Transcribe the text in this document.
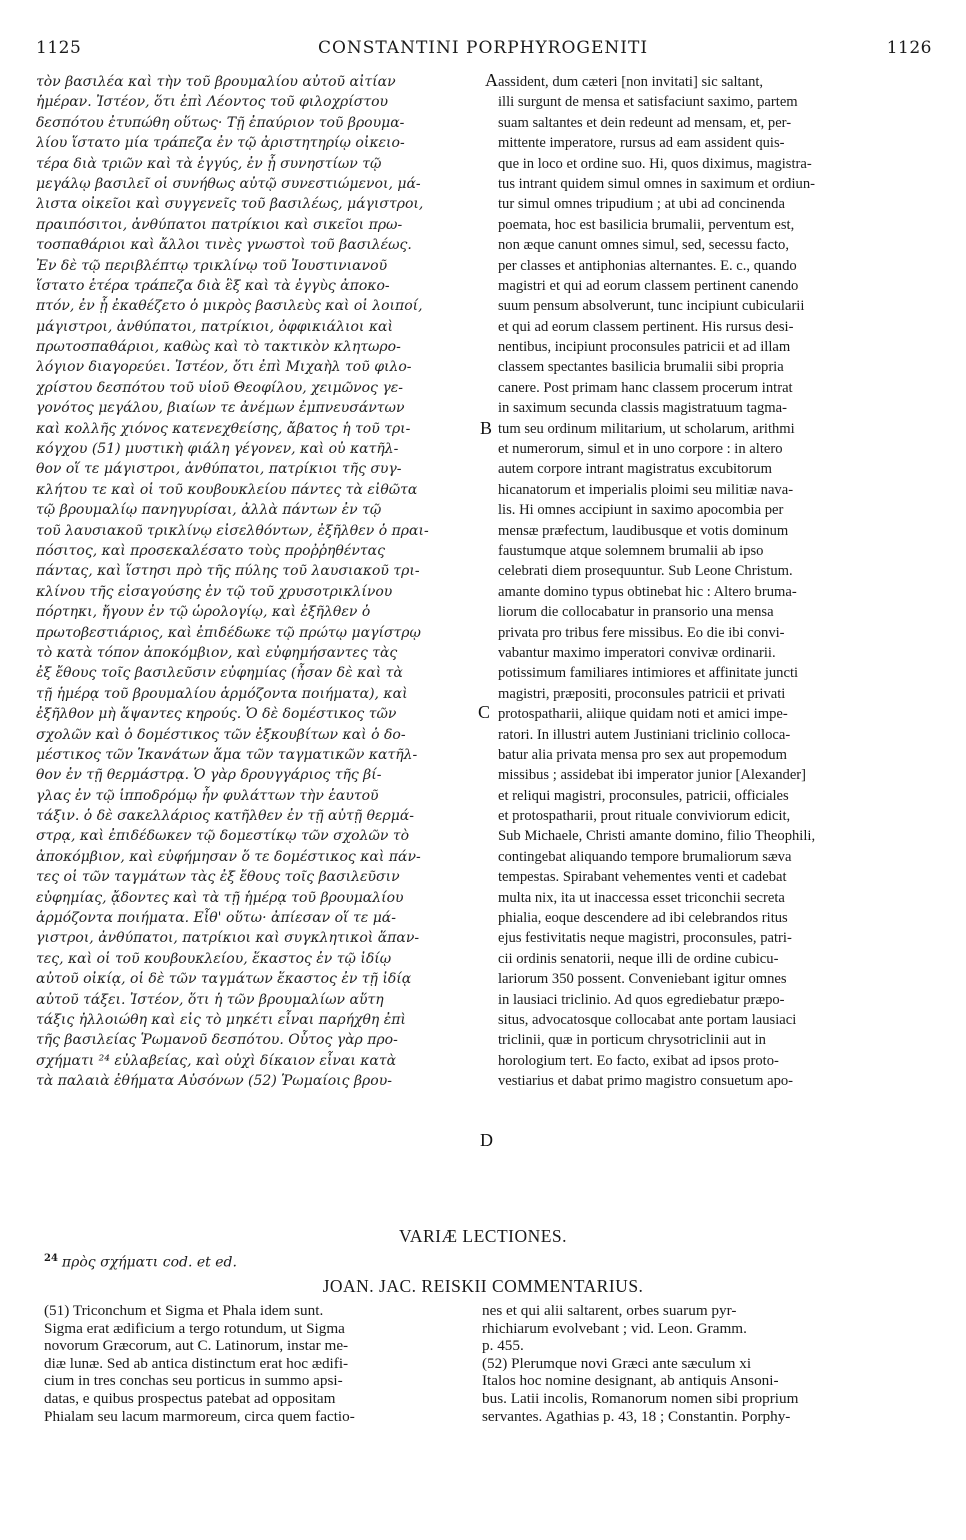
1125	CONSTANTINI PORPHYROGENITI	1126
τὸν βασιλέα καὶ τὴν τοῦ βρουμαλίου αὐτοῦ αἰτίαν
ἡμέραν. Ἰστέον, ὅτι ἐπὶ Λέοντος τοῦ φιλοχρίστου
δεσπότου ἐτυπώθη οὕτως· Τῇ ἐπαύριον τοῦ βρουμα-
λίου ἵστατο μία τράπεζα ἐν τῷ ἀριστητηρίῳ οἰκειο-
τέρα διὰ τριῶν καὶ τὰ ἐγγύς, ἐν ᾗ συνηστίων τῷ
μεγάλῳ βασιλεῖ οἱ συνήθως αὐτῷ συνεστιώμενοι, μά-
λιστα οἰκεῖοι καὶ συγγενεῖς τοῦ βασιλέως, μάγιστροι,
πραιπόσιτοι, ἀνθύπατοι πατρίκιοι καὶ σικεῖοι πρω-
τοσπαθάριοι καὶ ἄλλοι τινὲς γνωστοὶ τοῦ βασιλέως.
Ἐν δὲ τῷ περιβλέπτῳ τρικλίνῳ τοῦ Ἰουστινιανοῦ
ἵστατο ἑτέρα τράπεζα διὰ ἓξ καὶ τὰ ἐγγὺς ἀποκο-
πτόν, ἐν ᾗ ἐκαθέζετο ὁ μικρὸς βασιλεὺς καὶ οἱ λοιποί,
μάγιστροι, ἀνθύπατοι, πατρίκιοι, ὀφφικιάλιοι καὶ
πρωτοσπαθάριοι, καθὼς καὶ τὸ τακτικὸν κλητωρο-
λόγιον διαγορεύει. Ἰστέον, ὅτι ἐπὶ Μιχαὴλ τοῦ φιλο-
χρίστου δεσπότου τοῦ υἱοῦ Θεοφίλου, χειμῶνος γε-
γονότος μεγάλου, βιαίων τε ἀνέμων ἐμπνευσάντων
καὶ κολλῆς χιόνος κατενεχθείσης, ἄβατος ἡ τοῦ τρι-
κόγχου (51) μυστικὴ φιάλη γέγονεν, καὶ οὐ κατῆλ-
θον οἵ τε μάγιστροι, ἀνθύπατοι, πατρίκιοι τῆς συγ-
κλήτου τε καὶ οἱ τοῦ κουβουκλείου πάντες τὰ εἰθῶτα
τῷ βρουμαλίῳ πανηγυρίσαι, ἀλλὰ πάντων ἐν τῷ
τοῦ λαυσιακοῦ τρικλίνῳ εἰσελθόντων, ἐξῆλθεν ὁ πραι-
πόσιτος, καὶ προσεκαλέσατο τοὺς προῤῥηθέντας
πάντας, καὶ ἵστησι πρὸ τῆς πύλης τοῦ λαυσιακοῦ τρι-
κλίνου τῆς εἰσαγούσης ἐν τῷ τοῦ χρυσοτρικλίνου
πόρτηκι, ἤγουν ἐν τῷ ὡρολογίῳ, καὶ ἐξῆλθεν ὁ
πρωτοβεστιάριος, καὶ ἐπιδέδωκε τῷ πρώτῳ μαγίστρῳ
τὸ κατὰ τόπον ἀποκόμβιον, καὶ εὐφημήσαντες τὰς
ἐξ ἔθους τοῖς βασιλεῦσιν εὐφημίας (ἦσαν δὲ καὶ τὰ
τῇ ἡμέρᾳ τοῦ βρουμαλίου ἁρμόζοντα ποιήματα), καὶ
ἐξῆλθον μὴ ἅψαντες κηρούς. Ὁ δὲ δομέστικος τῶν
σχολῶν καὶ ὁ δομέστικος τῶν ἐξκουβίτων καὶ ὁ δο-
μέστικος τῶν Ἱκανάτων ἅμα τῶν ταγματικῶν κατῆλ-
θον ἐν τῇ θερμάστρᾳ. Ὁ γὰρ δρουγγάριος τῆς βί-
γλας ἐν τῷ ἱπποδρόμῳ ἦν φυλάττων τὴν ἑαυτοῦ
τάξιν. ὁ δὲ σακελλάριος κατῆλθεν ἐν τῇ αὐτῇ θερμά-
στρᾳ, καὶ ἐπιδέδωκεν τῷ δομεστίκῳ τῶν σχολῶν τὸ
ἀποκόμβιον, καὶ εὐφήμησαν ὅ τε δομέστικος καὶ πάν-
τες οἱ τῶν ταγμάτων τὰς ἐξ ἔθους τοῖς βασιλεῦσιν
εὐφημίας, ᾄδοντες καὶ τὰ τῇ ἡμέρᾳ τοῦ βρουμαλίου
ἁρμόζοντα ποιήματα. Εἶθ' οὕτω· ἀπίεσαν οἵ τε μά-
γιστροι, ἀνθύπατοι, πατρίκιοι καὶ συγκλητικοὶ ἅπαν-
τες, καὶ οἱ τοῦ κουβουκλείου, ἕκαστος ἐν τῷ ἰδίῳ
αὐτοῦ οἰκίᾳ, οἱ δὲ τῶν ταγμάτων ἕκαστος ἐν τῇ ἰδίᾳ
αὐτοῦ τάξει. Ἰστέον, ὅτι ἡ τῶν βρουμαλίων αὕτη
τάξις ἠλλοιώθη καὶ εἰς τὸ μηκέτι εἶναι παρήχθη ἐπὶ
τῆς βασιλείας Ῥωμανοῦ δεσπότου. Οὗτος γὰρ προ-
σχήματι ²⁴ εὐλαβείας, καὶ οὐχὶ δίκαιον εἶναι κατὰ
τὰ παλαιὰ ἐθήματα Αὐσόνων (52) Ῥωμαίοις βρου-
assident, dum cæteri [non invitati] sic saltant,
illi surgunt de mensa et satisfaciunt saximo, partem
suam saltantes et dein redeunt ad mensam, et, per-
mittente imperatore, rursus ad eam assident quis-
que in loco et ordine suo. Hi, quos diximus, magistra-
tus intrant quidem simul omnes in saximum et ordiun-
tur simul omnes tripudium ; at ubi ad concinenda
poemata, hoc est basilicia brumalii, perventum est,
non æque canunt omnes simul, sed, secessu facto,
per classes et antiphonias alternantes. E. c., quando
magistri et qui ad eorum classem pertinent canendo
suum pensum absolverunt, tunc incipiunt cubicularii
et qui ad eorum classem pertinent. His rursus desi-
nentibus, incipiunt proconsules patricii et ad illam
classem spectantes basilicia brumalii sibi propria
canere. Post primam hanc classem procerum intrat
in saximum secunda classis magistratuum tagma-
tum seu ordinum militarium, ut scholarum, arithmi
et numerorum, simul et in uno corpore : in altero
autem corpore intrant magistratus excubitorum
hicanatorum et imperialis ploimi seu militiæ nava-
lis. Hi omnes accipiunt in saximo apocombia per
mensæ præfectum, laudibusque et votis dominum
faustumque atque solemnem brumalii ab ipso
celebrati diem prosequuntur. Sub Leone Christum.
amante domino typus obtinebat hic : Altero bruma-
liorum die collocabatur in pransorio una mensa
privata pro tribus fere missibus. Eo die ibi convi-
vabantur maximo imperatori convivæ ordinarii.
potissimum familiares intimiores et affinitate juncti
magistri, præpositi, proconsules patricii et privati
protospatharii, aliique quidam noti et amici impe-
ratori. In illustri autem Justiniani triclinio colloca-
batur alia privata mensa pro sex aut propemodum
missibus ; assidebat ibi imperator junior [Alexander]
et reliqui magistri, proconsules, patricii, officiales
et protospatharii, prout rituale conviviorum edicit,
Sub Michaele, Christi amante domino, filio Theophili,
contingebat aliquando tempore brumaliorum sæva
tempestas. Spirabant vehementes venti et cadebat
multa nix, ita ut inaccessa esset triconchii secreta
phialia, eoque descendere ad ibi celebrandos ritus
ejus festivitatis neque magistri, proconsules, patri-
cii ordinis senatorii, neque illi de ordine cubicu-
lariorum 350 possent. Conveniebant igitur omnes
in lausiaci triclinio. Ad quos egrediebatur præpo-
situs, advocatosque collocabat ante portam lausiaci
triclinii, quæ in porticum chrysotriclinii aut in
horologium tert. Eo facto, exibat ad ipsos proto-
vestiarius et dabat primo magistro consuetum apo-
A
B
C
D
VARIÆ LECTIONES.
$^{24}$ πρὸς σχήματι cod. et ed.
JOAN. JAC. REISKII COMMENTARIUS.
(51) Triconchum et Sigma et Phala idem sunt.
Sigma erat ædificium a tergo rotundum, ut Sigma
novorum Græcorum, aut C. Latinorum, instar me-
diæ lunæ. Sed ab antica distinctum erat hoc ædifi-
cium in tres conchas seu porticus in summo apsi-
datas, e quibus prospectus patebat ad oppositam
Phialam seu lacum marmoreum, circa quem factio-
nes et qui alii saltarent, orbes suarum pyr-
rhichiarum evolvebant ; vid. Leon. Gramm.
p. 455.
(52) Plerumque novi Græci ante sæculum xi
Italos hoc nomine designant, ab antiquis Ansoni-
bus. Latii incolis, Romanorum nomen sibi proprium
servantes. Agathias p. 43, 18 ; Constantin. Porphy-
